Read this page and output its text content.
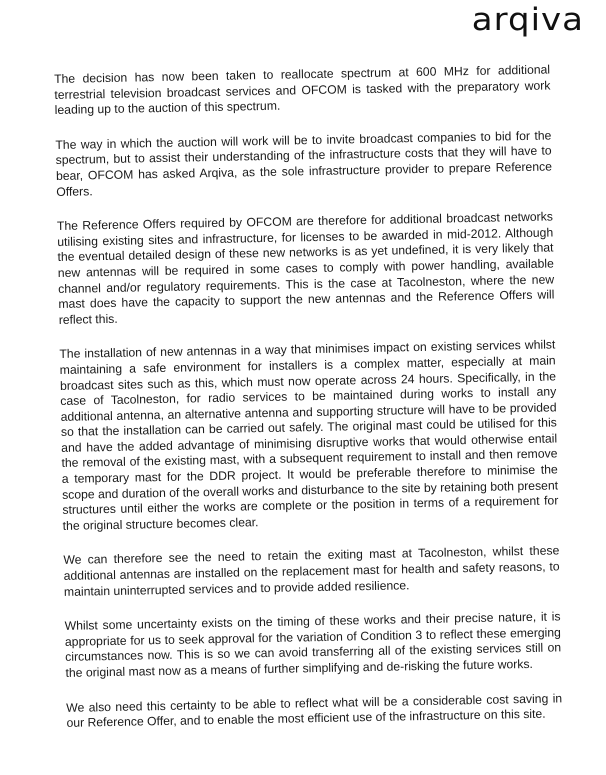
arqiva

The decision has now been taken to reallocate spectrum at 600 MHz for additional terrestrial television broadcast services and OFCOM is tasked with the preparatory work leading up to the auction of this spectrum.

The way in which the auction will work will be to invite broadcast companies to bid for the spectrum, but to assist their understanding of the infrastructure costs that they will have to bear, OFCOM has asked Arqiva, as the sole infrastructure provider to prepare Reference Offers.

The Reference Offers required by OFCOM are therefore for additional broadcast networks utilising existing sites and infrastructure, for licenses to be awarded in mid-2012. Although the eventual detailed design of these new networks is as yet undefined, it is very likely that new antennas will be required in some cases to comply with power handling, available channel and/or regulatory requirements. This is the case at Tacolneston, where the new mast does have the capacity to support the new antennas and the Reference Offers will reflect this.

The installation of new antennas in a way that minimises impact on existing services whilst maintaining a safe environment for installers is a complex matter, especially at main broadcast sites such as this, which must now operate across 24 hours. Specifically, in the case of Tacolneston, for radio services to be maintained during works to install any additional antenna, an alternative antenna and supporting structure will have to be provided so that the installation can be carried out safely. The original mast could be utilised for this and have the added advantage of minimising disruptive works that would otherwise entail the removal of the existing mast, with a subsequent requirement to install and then remove a temporary mast for the DDR project. It would be preferable therefore to minimise the scope and duration of the overall works and disturbance to the site by retaining both present structures until either the works are complete or the position in terms of a requirement for the original structure becomes clear.

We can therefore see the need to retain the exiting mast at Tacolneston, whilst these additional antennas are installed on the replacement mast for health and safety reasons, to maintain uninterrupted services and to provide added resilience.

Whilst some uncertainty exists on the timing of these works and their precise nature, it is appropriate for us to seek approval for the variation of Condition 3 to reflect these emerging circumstances now. This is so we can avoid transferring all of the existing services still on the original mast now as a means of further simplifying and de-risking the future works.

We also need this certainty to be able to reflect what will be a considerable cost saving in our Reference Offer, and to enable the most efficient use of the infrastructure on this site.
